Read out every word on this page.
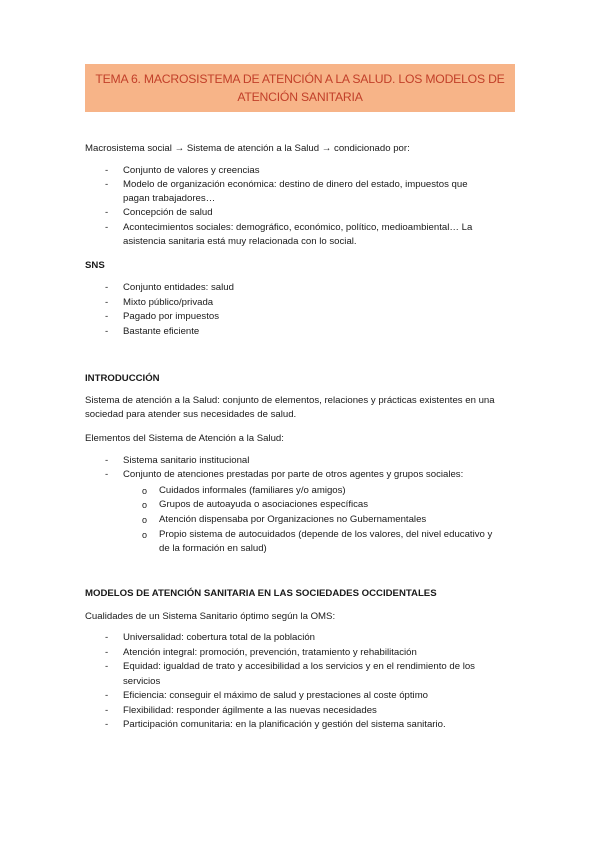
TEMA 6. MACROSISTEMA DE ATENCIÓN A LA SALUD. LOS MODELOS DE
ATENCIÓN SANITARIA
Macrosistema social → Sistema de atención a la Salud → condicionado por:
- Conjunto de valores y creencias
- Modelo de organización económica: destino de dinero del estado, impuestos que
pagan trabajadores…
- Concepción de salud
- Acontecimientos sociales: demográfico, económico, político, medioambiental… La
asistencia sanitaria está muy relacionada con lo social.
SNS
- Conjunto entidades: salud
- Mixto público/privada
- Pagado por impuestos
- Bastante eficiente
INTRODUCCIÓN
Sistema de atención a la Salud: conjunto de elementos, relaciones y prácticas existentes en una
sociedad para atender sus necesidades de salud.
Elementos del Sistema de Atención a la Salud:
- Sistema sanitario institucional
- Conjunto de atenciones prestadas por parte de otros agentes y grupos sociales:
o Cuidados informales (familiares y/o amigos)
o Grupos de autoayuda o asociaciones específicas
o Atención dispensaba por Organizaciones no Gubernamentales
o Propio sistema de autocuidados (depende de los valores, del nivel educativo y
de la formación en salud)
MODELOS DE ATENCIÓN SANITARIA EN LAS SOCIEDADES OCCIDENTALES
Cualidades de un Sistema Sanitario óptimo según la OMS:
- Universalidad: cobertura total de la población
- Atención integral: promoción, prevención, tratamiento y rehabilitación
- Equidad: igualdad de trato y accesibilidad a los servicios y en el rendimiento de los
servicios
- Eficiencia: conseguir el máximo de salud y prestaciones al coste óptimo
- Flexibilidad: responder ágilmente a las nuevas necesidades
- Participación comunitaria: en la planificación y gestión del sistema sanitario.
